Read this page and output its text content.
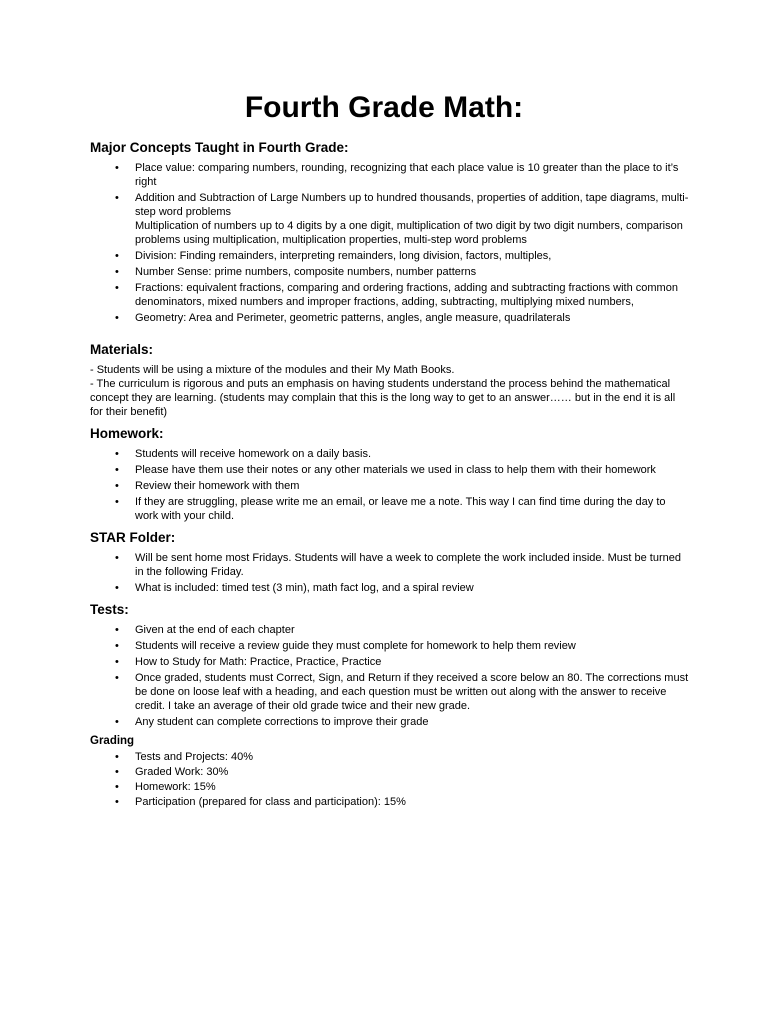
Fourth Grade Math:
Major Concepts Taught in Fourth Grade:
• Place value: comparing numbers, rounding, recognizing that each place value is 10 greater than the place to it’s right
• Addition and Subtraction of Large Numbers up to hundred thousands, properties of addition, tape diagrams, multi-step word problems
Multiplication of numbers up to 4 digits by a one digit, multiplication of two digit by two digit numbers, comparison problems using multiplication, multiplication properties, multi-step word problems
• Division: Finding remainders, interpreting remainders, long division, factors, multiples,
• Number Sense: prime numbers, composite numbers, number patterns
• Fractions: equivalent fractions, comparing and ordering fractions, adding and subtracting fractions with common denominators, mixed numbers and improper fractions, adding, subtracting, multiplying mixed numbers,
• Geometry: Area and Perimeter, geometric patterns, angles, angle measure, quadrilaterals
Materials:
- Students will be using a mixture of the modules and their My Math Books.
- The curriculum is rigorous and puts an emphasis on having students understand the process behind the mathematical concept they are learning. (students may complain that this is the long way to get to an answer…… but in the end it is all for their benefit)
Homework:
• Students will receive homework on a daily basis.
• Please have them use their notes or any other materials we used in class to help them with their homework
• Review their homework with them
• If they are struggling, please write me an email, or leave me a note. This way I can find time during the day to work with your child.
STAR Folder:
• Will be sent home most Fridays. Students will have a week to complete the work included inside. Must be turned in the following Friday.
• What is included: timed test (3 min), math fact log, and a spiral review
Tests:
• Given at the end of each chapter
• Students will receive a review guide they must complete for homework to help them review
• How to Study for Math: Practice, Practice, Practice
• Once graded, students must Correct, Sign, and Return if they received a score below an 80. The corrections must be done on loose leaf with a heading, and each question must be written out along with the answer to receive credit. I take an average of their old grade twice and their new grade.
• Any student can complete corrections to improve their grade
Grading
• Tests and Projects: 40%
• Graded Work: 30%
• Homework: 15%
• Participation (prepared for class and participation): 15%
